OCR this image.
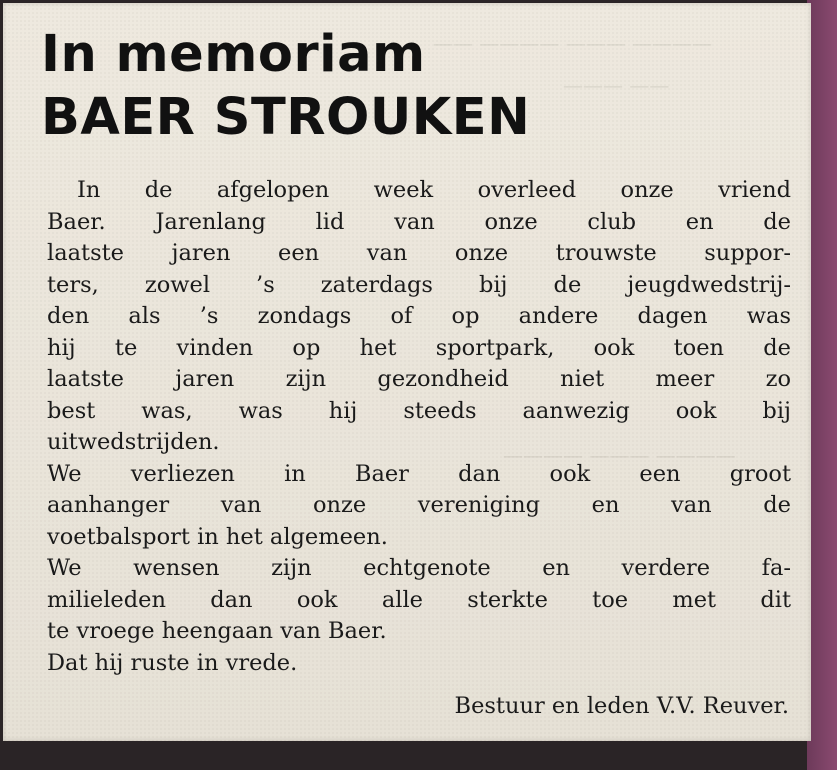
—— ———— ——— ————
——— ——
———— ——— ————
In memoriam
BAER STROUKEN
In de afgelopen week overleed onze vriend
Baer. Jarenlang lid van onze club en de
laatste jaren een van onze trouwste suppor-
ters, zowel ’s zaterdags bij de jeugdwedstrij-
den als ’s zondags of op andere dagen was
hij te vinden op het sportpark, ook toen de
laatste jaren zijn gezondheid niet meer zo
best was, was hij steeds aanwezig ook bij
uitwedstrijden.
We verliezen in Baer dan ook een groot
aanhanger van onze vereniging en van de
voetbalsport in het algemeen.
We wensen zijn echtgenote en verdere fa-
milieleden dan ook alle sterkte toe met dit
te vroege heengaan van Baer.
Dat hij ruste in vrede.

Bestuur en leden V.V. Reuver.
